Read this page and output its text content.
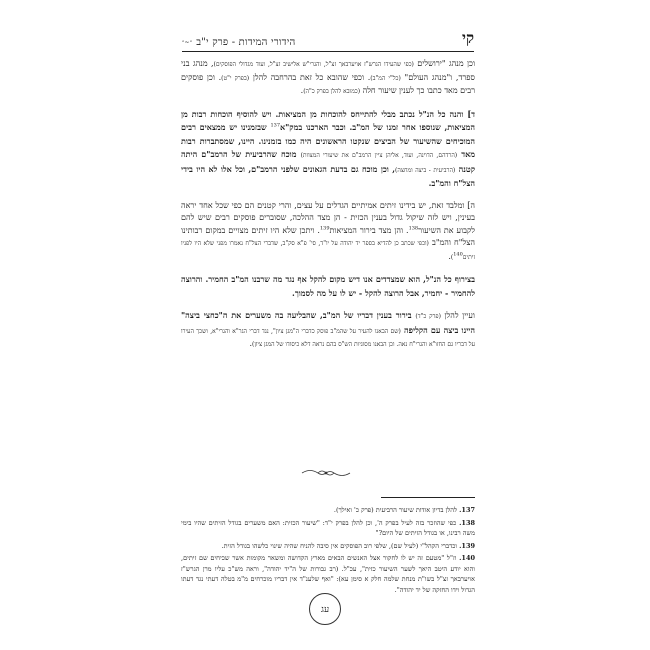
קי
הידורי המידות - פרק י"ב
״~״

וכן מנהג "ירושלים (כפי שהעידו הגרש"ז אויערבאך זצ"ל, והגרי"ש אלישיב זצ"ל, ועוד מגדולי הפוסקים), מנהג בני ספרד, ו"מנהג העולם" (כל"י המ"ב). וכפי שהובא כל זאת בהרחבה להלן (בפרק י"ט). וכן פוסקים רבים מאד כתבו כך לענין שיעור חלה (כמובא להלן בפרק כ"ה).

ד] והנה כל הנ"ל נכתב מבלי להתייחס להוכחות מן המציאות. ויש להוסיף הוכחות רבות מן המציאות, שנוספו אחר זמנו של המ"ב. וכבר הארכנו במק"א$^{137}$ שבזמנינו יש ממצאים רבים המוכיחים שהשיעור של הביצים שנקטו הראשונים היה כמו בזמנינו. היינו, שמסתברות רבות מאד (הרדהם, הדוינה, ועוד, אליהן ציין הרמב"ם את שיעורי המצוות) מוכח שהרביעית של הרמב"ם היתה קטנה (הרביעית - ביצה ומחצה), וכן מוכח גם בדעת הגאונים שלפני הרמב"ם, וכל אלו לא היו בידי הצל"ח והמ"ב.

ה] ומלבד זאת, יש בידינו זיתים אמיתיים הגדלים על עצים, והרי קטנים הם כפי שכל אחד יראה בעינין, ויש לזה שיקול גדול בענין הכזית - הן מצד ההלכה, שסוברים פוסקים רבים שיש להם לקבוע את השיעור$^{138}$. והן מצד בירור המציאות$^{139}$. ויתכן שלא היו זיתים מצויים במקום רבותינו הצל"ח והמ"ב (וכפי שכתב כן להדיא בספר יד יהודה על יו"ד, סי' פ"א סק"ב, שדברי הצל"ח נאמרו מפני שלא היו לפניו זיתים$^{140}$).

בצירוף כל הנ"ל, הוא שמצדדים אנו דיש מקום להקל אף נגד מה שרבנו המ"ב החמיר. והרוצה להחמיר - יחמיר, אבל הרוצה להקל - יש לו על מה לסמוך.

ועיין להלן (פרק כ"ד) בירור בענין דבריו של המ"ב, שהבליעה בה משערים את ה"כחצי ביצה" היינו ביצה עם הקליפה (שם הבאנו להעיר על שהמ"ב פוסק כדברי ה"מגן ציון", נגד דברי הגר"א והגרי"א, ושכך העירו על דבריו גם החזו"א והגרי"ח נאה. וכן הבאנו מסוגיות הש"ס בהם נראה דלא כיסודו של המגן ציון).

137. להלן בדיון אודות שיעור הרביעית (פרק כ' ואילך).
138. כפי שהוזכר בזה לעיל בפרק ה', וכן להלן בפרק י"ד: "שיעור הכזית: האם משערים בגודל הזיתים שהיו בימי משה רבינו, או בגודל הזיתים של היום?"
139. וכדברי הקהל"י (לעיל שם), שלפי רוב הפוסקים אין סיבה להניח שהיה שינוי כלשהו בגודל הזית.
140. וז"ל "מטעם זה יש לו לחקור אצל האנשים הבאים מארץ הקדושה ומשאר מקומות אשר שכיחים שם זיתים, והוא יודע היטב היאך לשער השיעור כזית", עכ"ל. (רב גבורות של ה"יד יהודה", וראה מש"כ עליו מרן הגרש"ז אויערבאך זצ"ל בשו"ת מנחת שלמה חלק א סימן עא): "ואף שלענ"ד אין דבריו מוכרחים מ"מ בטלה דעתי נגד דעתו הגדול וידו החזקה של יד יהודה".
עג
